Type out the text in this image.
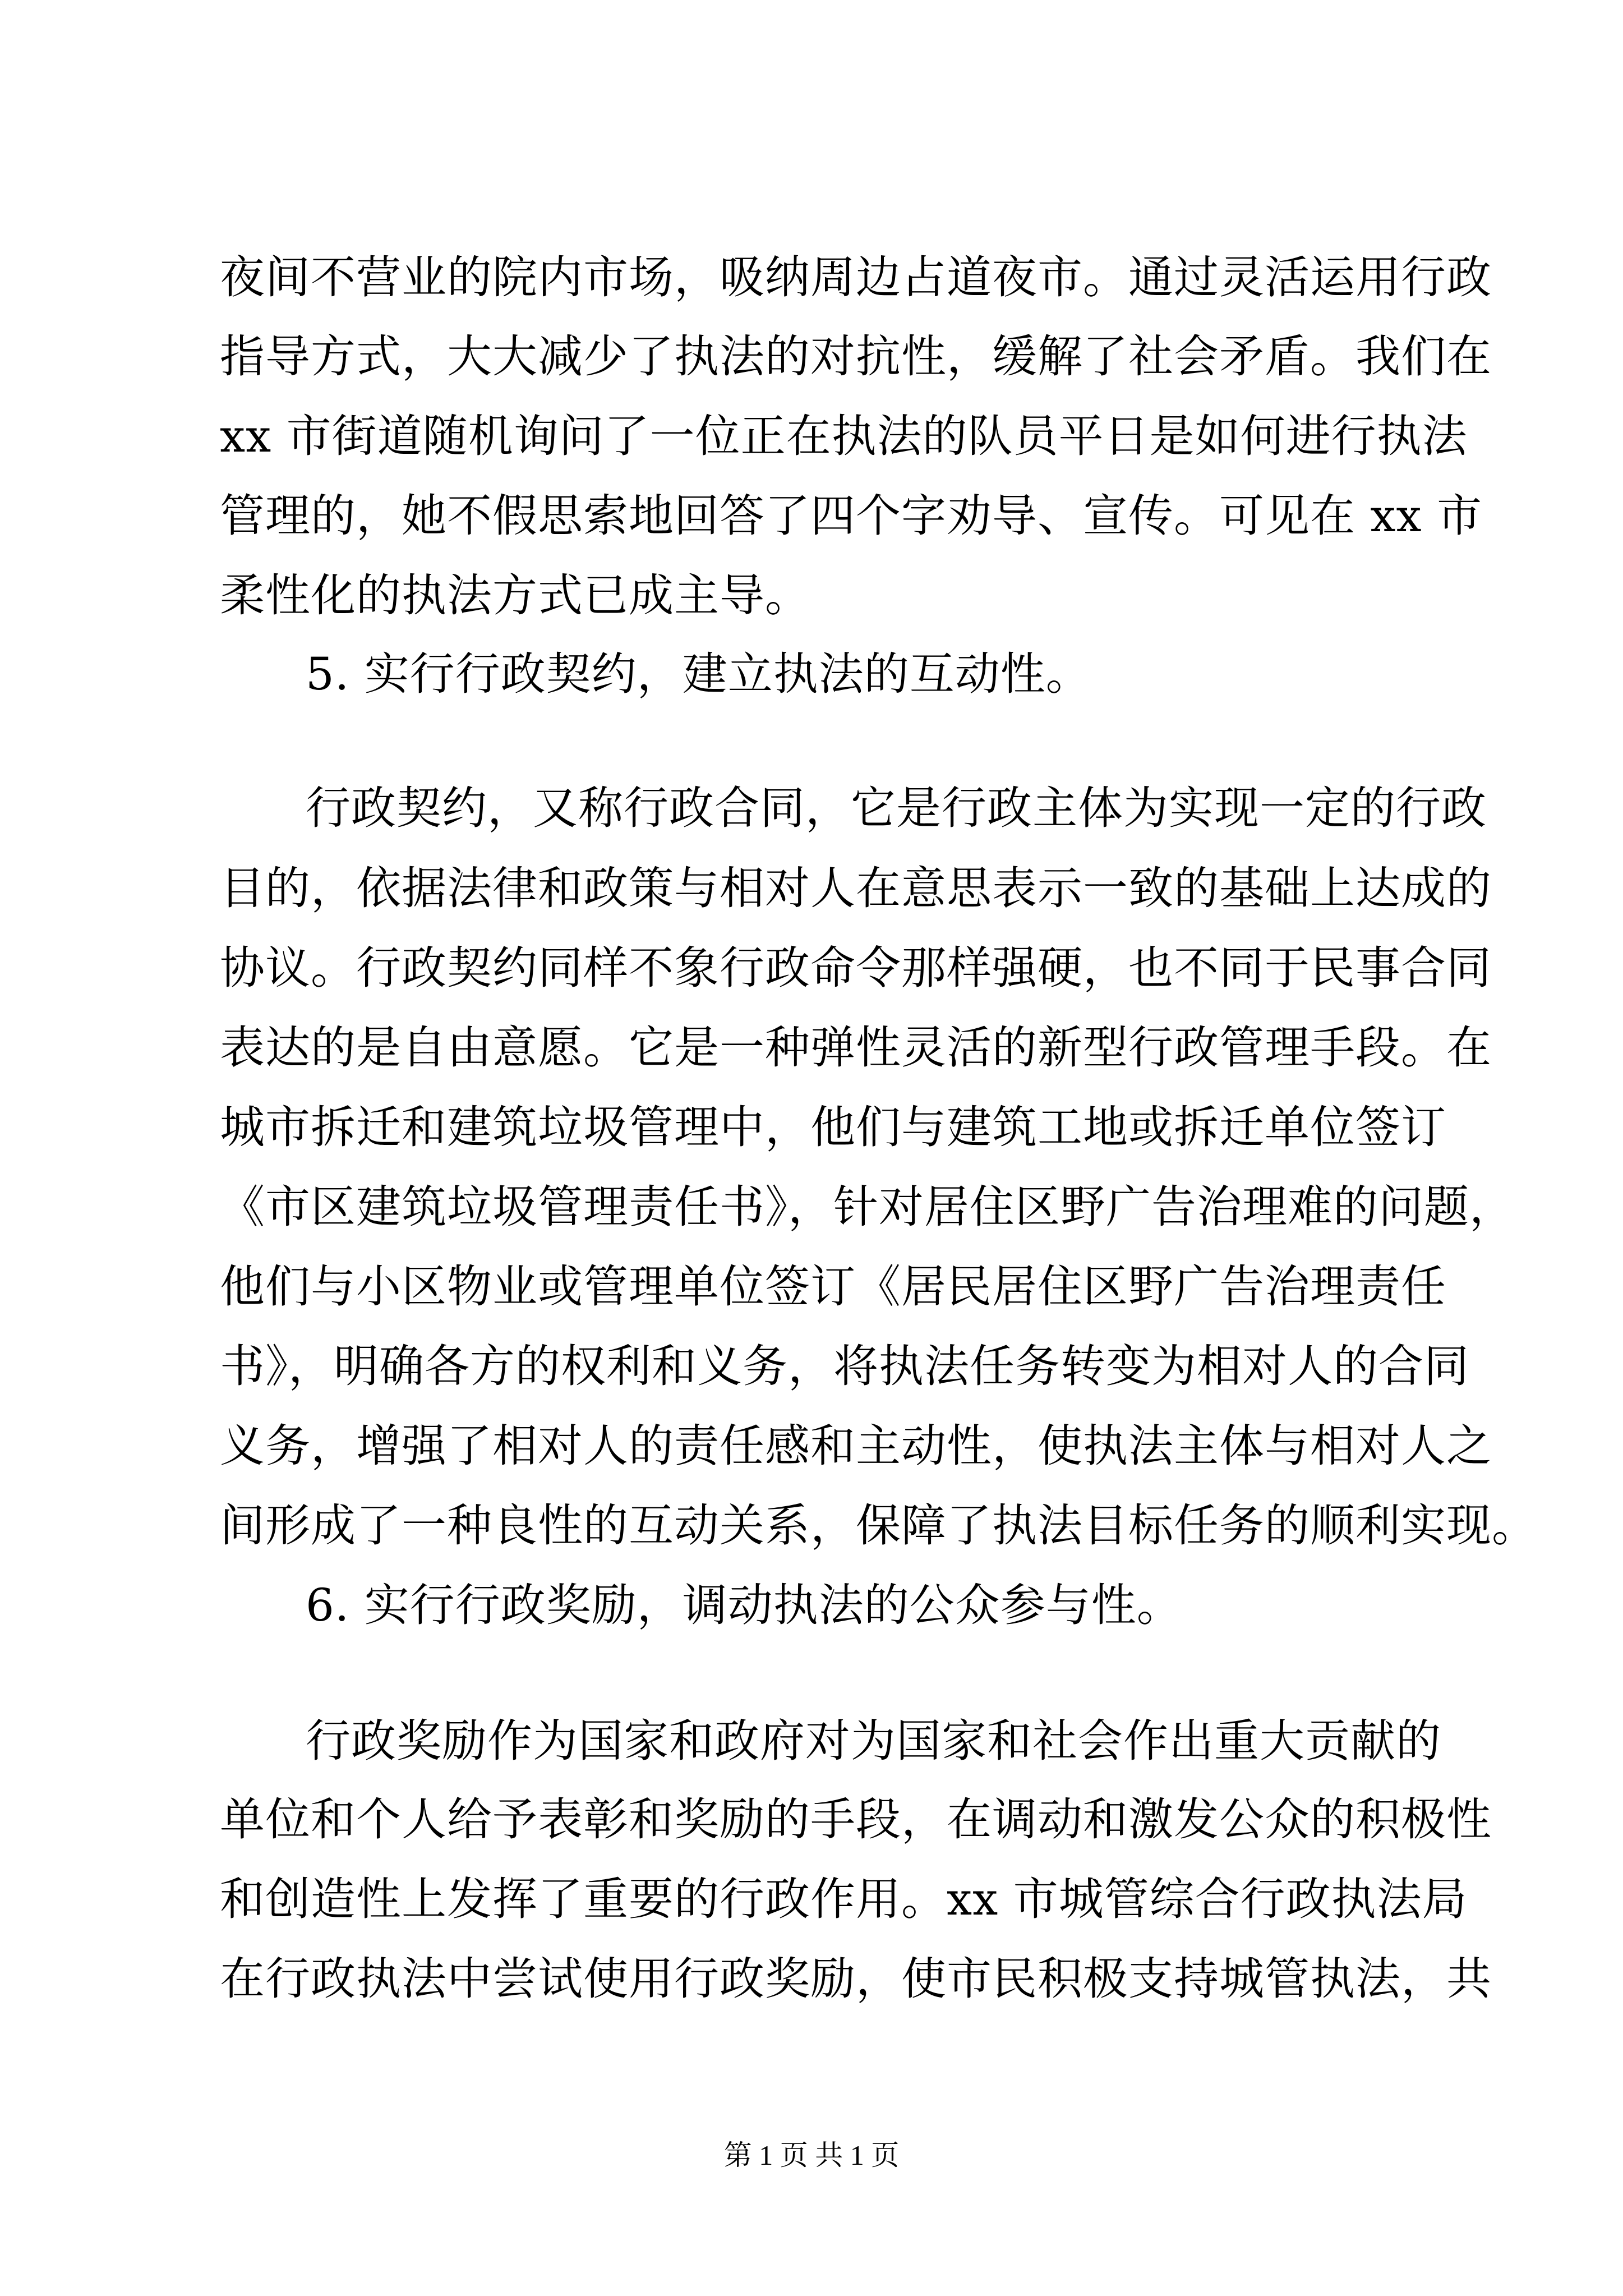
夜间不营业的院内市场，吸纳周边占道夜市。通过灵活运用行政
指导方式，大大减少了执法的对抗性，缓解了社会矛盾。我们在
xx 市街道随机询问了一位正在执法的队员平日是如何进行执法
管理的，她不假思索地回答了四个字劝导、宣传。可见在 xx 市
柔性化的执法方式已成主导。
5. 实行行政契约，建立执法的互动性。
行政契约，又称行政合同，它是行政主体为实现一定的行政
目的，依据法律和政策与相对人在意思表示一致的基础上达成的
协议。行政契约同样不象行政命令那样强硬，也不同于民事合同
表达的是自由意愿。它是一种弹性灵活的新型行政管理手段。在
城市拆迁和建筑垃圾管理中，他们与建筑工地或拆迁单位签订
《市区建筑垃圾管理责任书》，针对居住区野广告治理难的问题，
他们与小区物业或管理单位签订《居民居住区野广告治理责任
书》，明确各方的权利和义务，将执法任务转变为相对人的合同
义务，增强了相对人的责任感和主动性，使执法主体与相对人之
间形成了一种良性的互动关系，保障了执法目标任务的顺利实现。
6. 实行行政奖励，调动执法的公众参与性。
行政奖励作为国家和政府对为国家和社会作出重大贡献的
单位和个人给予表彰和奖励的手段，在调动和激发公众的积极性
和创造性上发挥了重要的行政作用。xx 市城管综合行政执法局
在行政执法中尝试使用行政奖励，使市民积极支持城管执法，共
第 1 页 共 1 页
